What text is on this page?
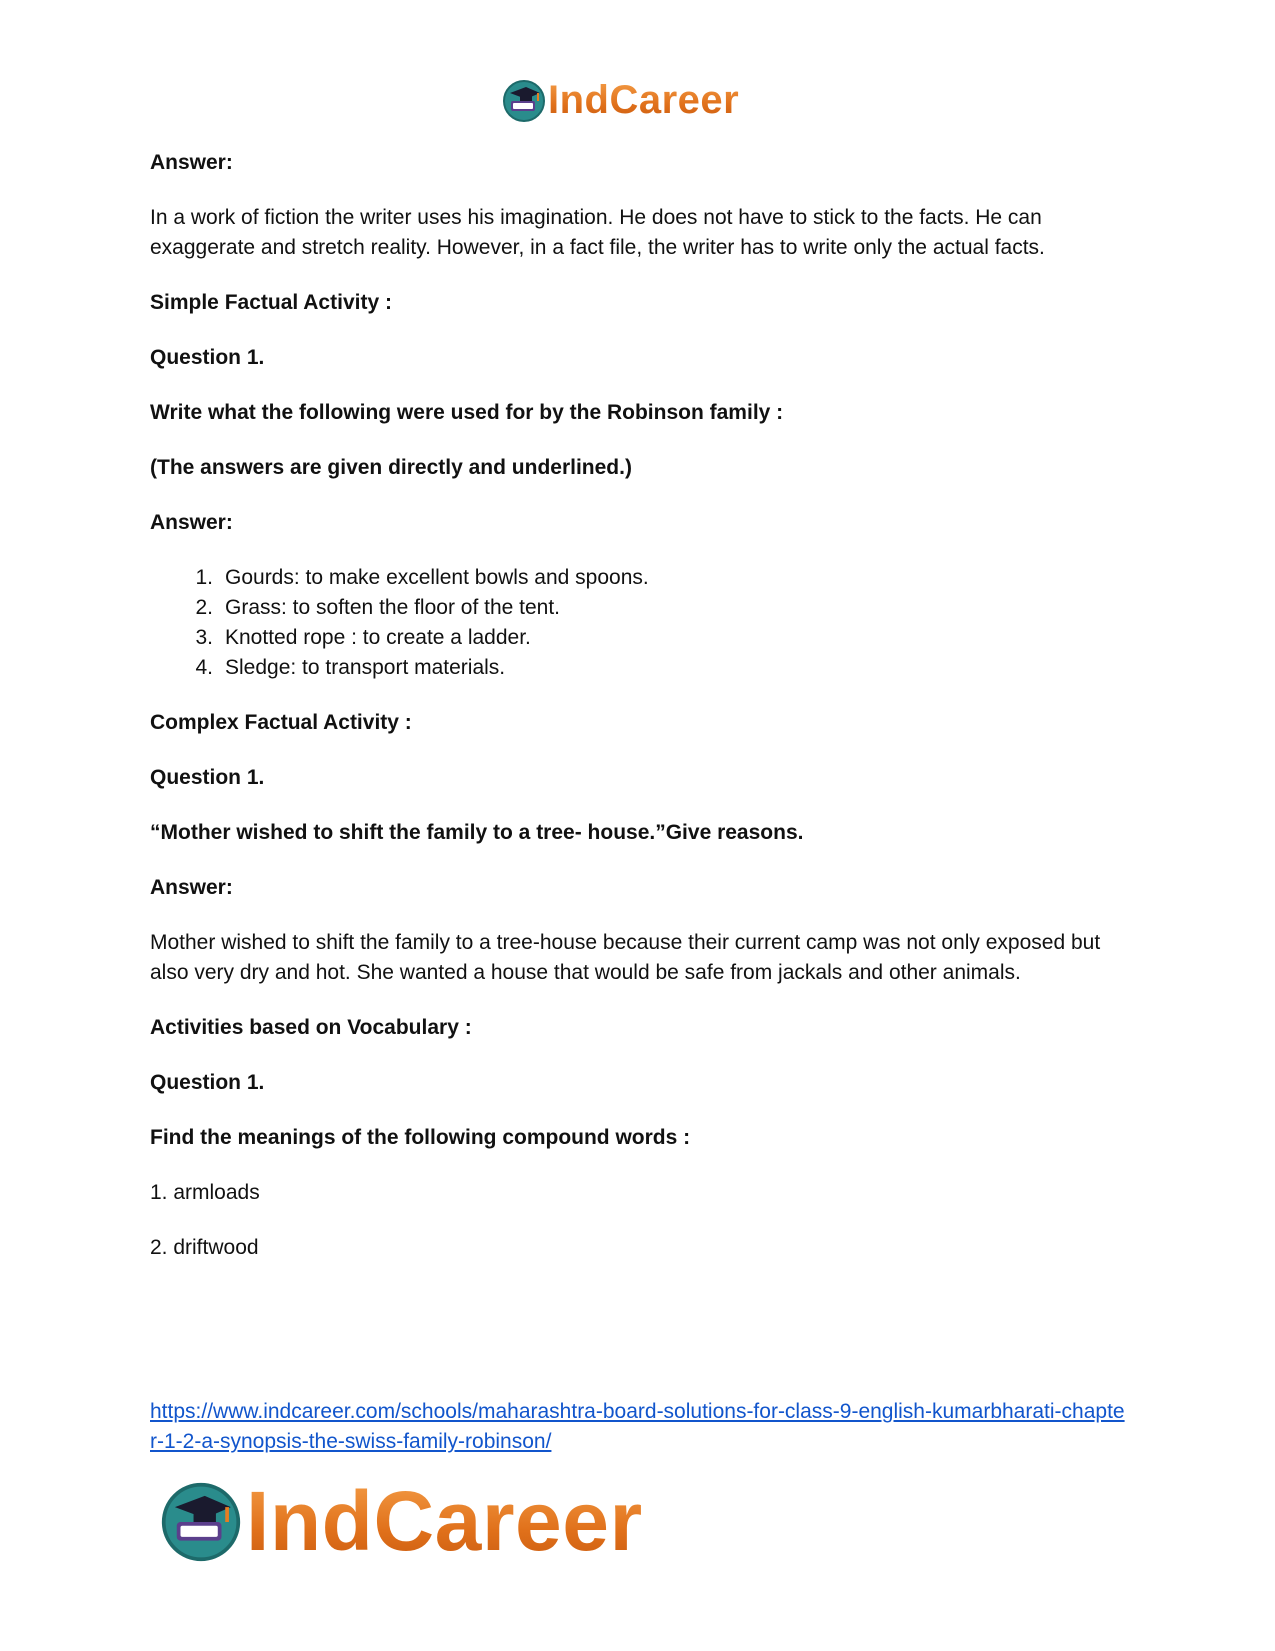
IndCareer

Answer:

In a work of fiction the writer uses his imagination. He does not have to stick to the facts. He can exaggerate and stretch reality. However, in a fact file, the writer has to write only the actual facts.

Simple Factual Activity :

Question 1.

Write what the following were used for by the Robinson family :

(The answers are given directly and underlined.)

Answer:

1. Gourds: to make excellent bowls and spoons.
2. Grass: to soften the floor of the tent.
3. Knotted rope : to create a ladder.
4. Sledge: to transport materials.

Complex Factual Activity :

Question 1.

“Mother wished to shift the family to a tree- house.”Give reasons.

Answer:

Mother wished to shift the family to a tree-house because their current camp was not only exposed but also very dry and hot. She wanted a house that would be safe from jackals and other animals.

Activities based on Vocabulary :

Question 1.

Find the meanings of the following compound words :

1. armloads

2. driftwood

https://www.indcareer.com/schools/maharashtra-board-solutions-for-class-9-english-kumarbharati-chapter-1-2-a-synopsis-the-swiss-family-robinson/
IndCareer
